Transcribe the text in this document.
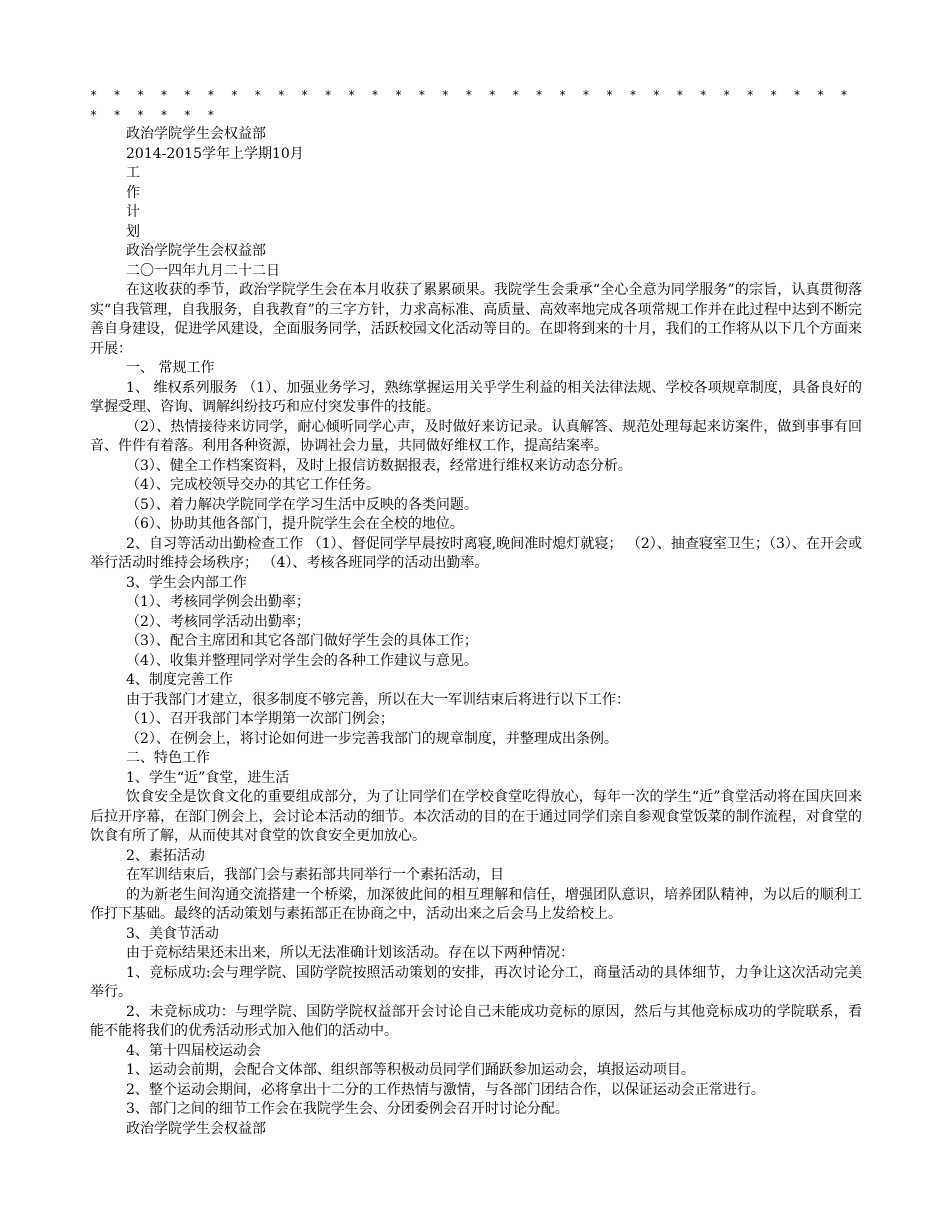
* * * * * * * * * * * * * * * * * * * * * * * * * * * * * * * * * * * * * * *

政治学院学生会权益部

2014-2015学年上学期10月

工

作

计

划

政治学院学生会权益部

二〇一四年九月二十二日

在这收获的季节，政治学院学生会在本月收获了累累硕果。我院学生会秉承“全心全意为同学服务”的宗旨，认真贯彻落实“自我管理，自我服务，自我教育”的三字方针，力求高标准、高质量、高效率地完成各项常规工作并在此过程中达到不断完善自身建设，促进学风建设，全面服务同学，活跃校园文化活动等目的。在即将到来的十月，我们的工作将从以下几个方面来开展：

一、 常规工作

1、 维权系列服务 （1）、加强业务学习，熟练掌握运用关乎学生利益的相关法律法规、学校各项规章制度，具备良好的掌握受理、咨询、调解纠纷技巧和应付突发事件的技能。

（2）、热情接待来访同学，耐心倾听同学心声，及时做好来访记录。认真解答、规范处理每起来访案件，做到事事有回音、件件有着落。利用各种资源，协调社会力量，共同做好维权工作，提高结案率。

（3）、健全工作档案资料，及时上报信访数据报表，经常进行维权来访动态分析。

（4）、完成校领导交办的其它工作任务。

（5）、着力解决学院同学在学习生活中反映的各类问题。

（6）、协助其他各部门，提升院学生会在全校的地位。

2、自习等活动出勤检查工作 （1）、督促同学早晨按时离寝,晚间准时熄灯就寝； （2）、抽查寝室卫生；（3）、在开会或举行活动时维持会场秩序； （4）、考核各班同学的活动出勤率。

3、学生会内部工作

（1）、考核同学例会出勤率；

（2）、考核同学活动出勤率；

（3）、配合主席团和其它各部门做好学生会的具体工作；

（4）、收集并整理同学对学生会的各种工作建议与意见。

4、制度完善工作

由于我部门才建立，很多制度不够完善，所以在大一军训结束后将进行以下工作：

（1）、召开我部门本学期第一次部门例会；

（2）、在例会上，将讨论如何进一步完善我部门的规章制度，并整理成出条例。

二、特色工作

1、学生“近”食堂，进生活

饮食安全是饮食文化的重要组成部分，为了让同学们在学校食堂吃得放心，每年一次的学生“近”食堂活动将在国庆回来后拉开序幕，在部门例会上，会讨论本活动的细节。本次活动的目的在于通过同学们亲自参观食堂饭菜的制作流程，对食堂的饮食有所了解，从而使其对食堂的饮食安全更加放心。

2、素拓活动

在军训结束后，我部门会与素拓部共同举行一个素拓活动，目

的为新老生间沟通交流搭建一个桥梁，加深彼此间的相互理解和信任，增强团队意识，培养团队精神，为以后的顺利工作打下基础。最终的活动策划与素拓部正在协商之中，活动出来之后会马上发给校上。

3、美食节活动

由于竞标结果还未出来，所以无法准确计划该活动。存在以下两种情况：

1、竞标成功:会与理学院、国防学院按照活动策划的安排，再次讨论分工，商量活动的具体细节，力争让这次活动完美举行。

2、未竞标成功：与理学院、国防学院权益部开会讨论自己未能成功竞标的原因，然后与其他竞标成功的学院联系，看能不能将我们的优秀活动形式加入他们的活动中。

4、第十四届校运动会

1、运动会前期，会配合文体部、组织部等积极动员同学们踊跃参加运动会，填报运动项目。

2、整个运动会期间，必将拿出十二分的工作热情与激情，与各部门团结合作，以保证运动会正常进行。

3、部门之间的细节工作会在我院学生会、分团委例会召开时讨论分配。

政治学院学生会权益部
